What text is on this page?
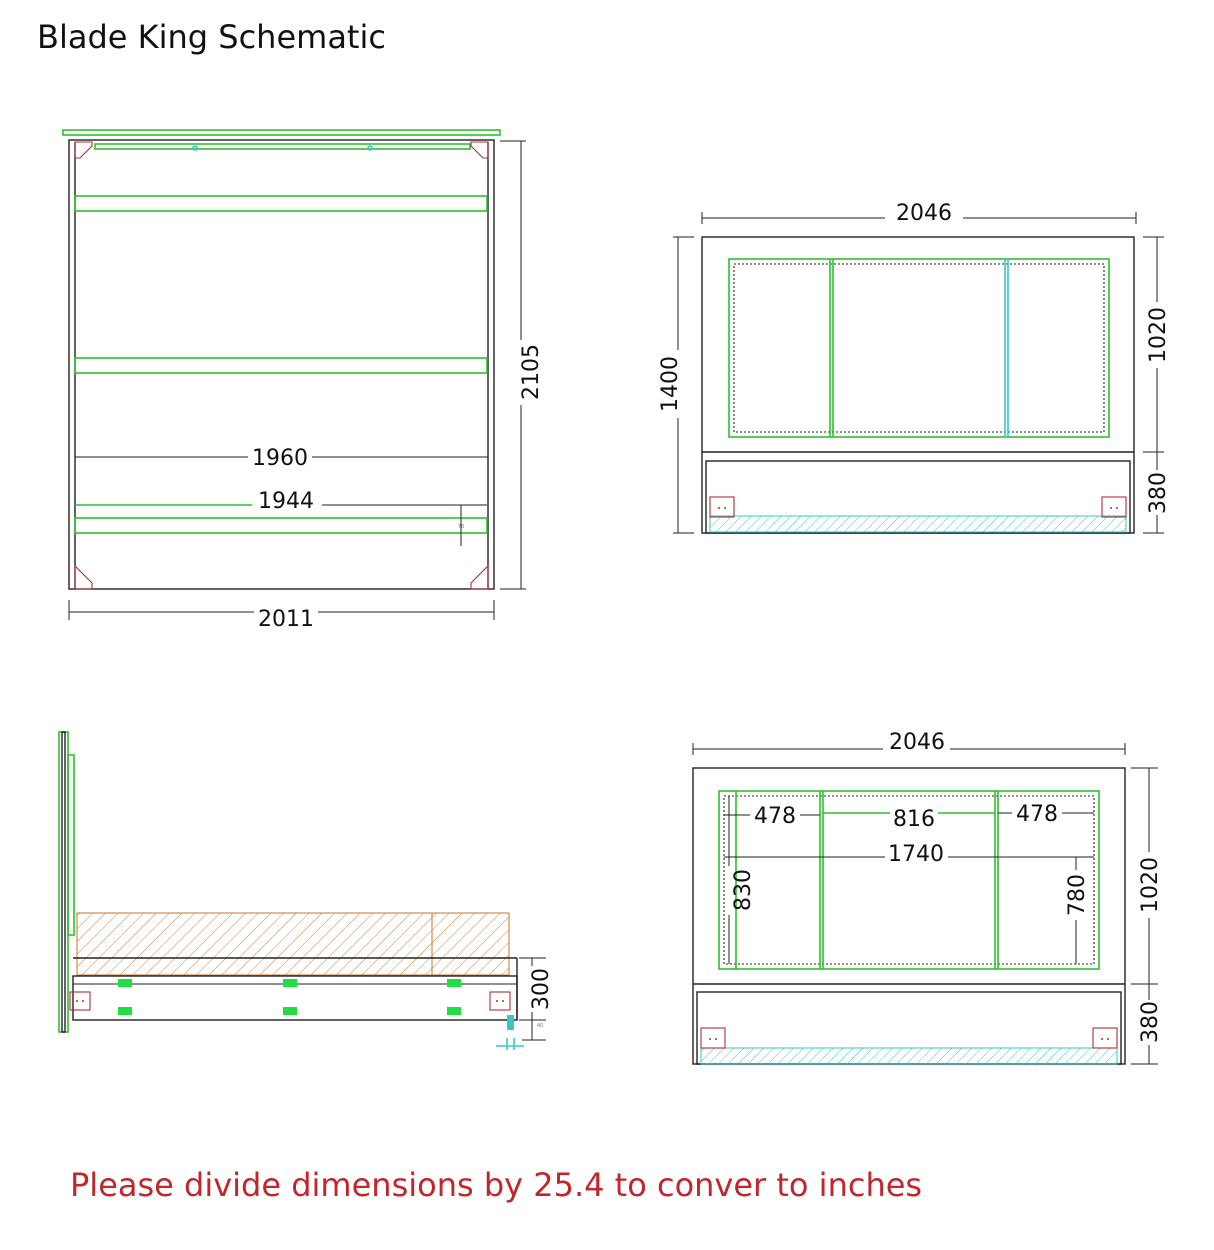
Blade King Schematic
2105
1960
1944
70
2011
2046
1400
1020
380
300
40
2046
478	816	478
1740
830	780 1020
380
Please divide dimensions by 25.4 to conver to inches
